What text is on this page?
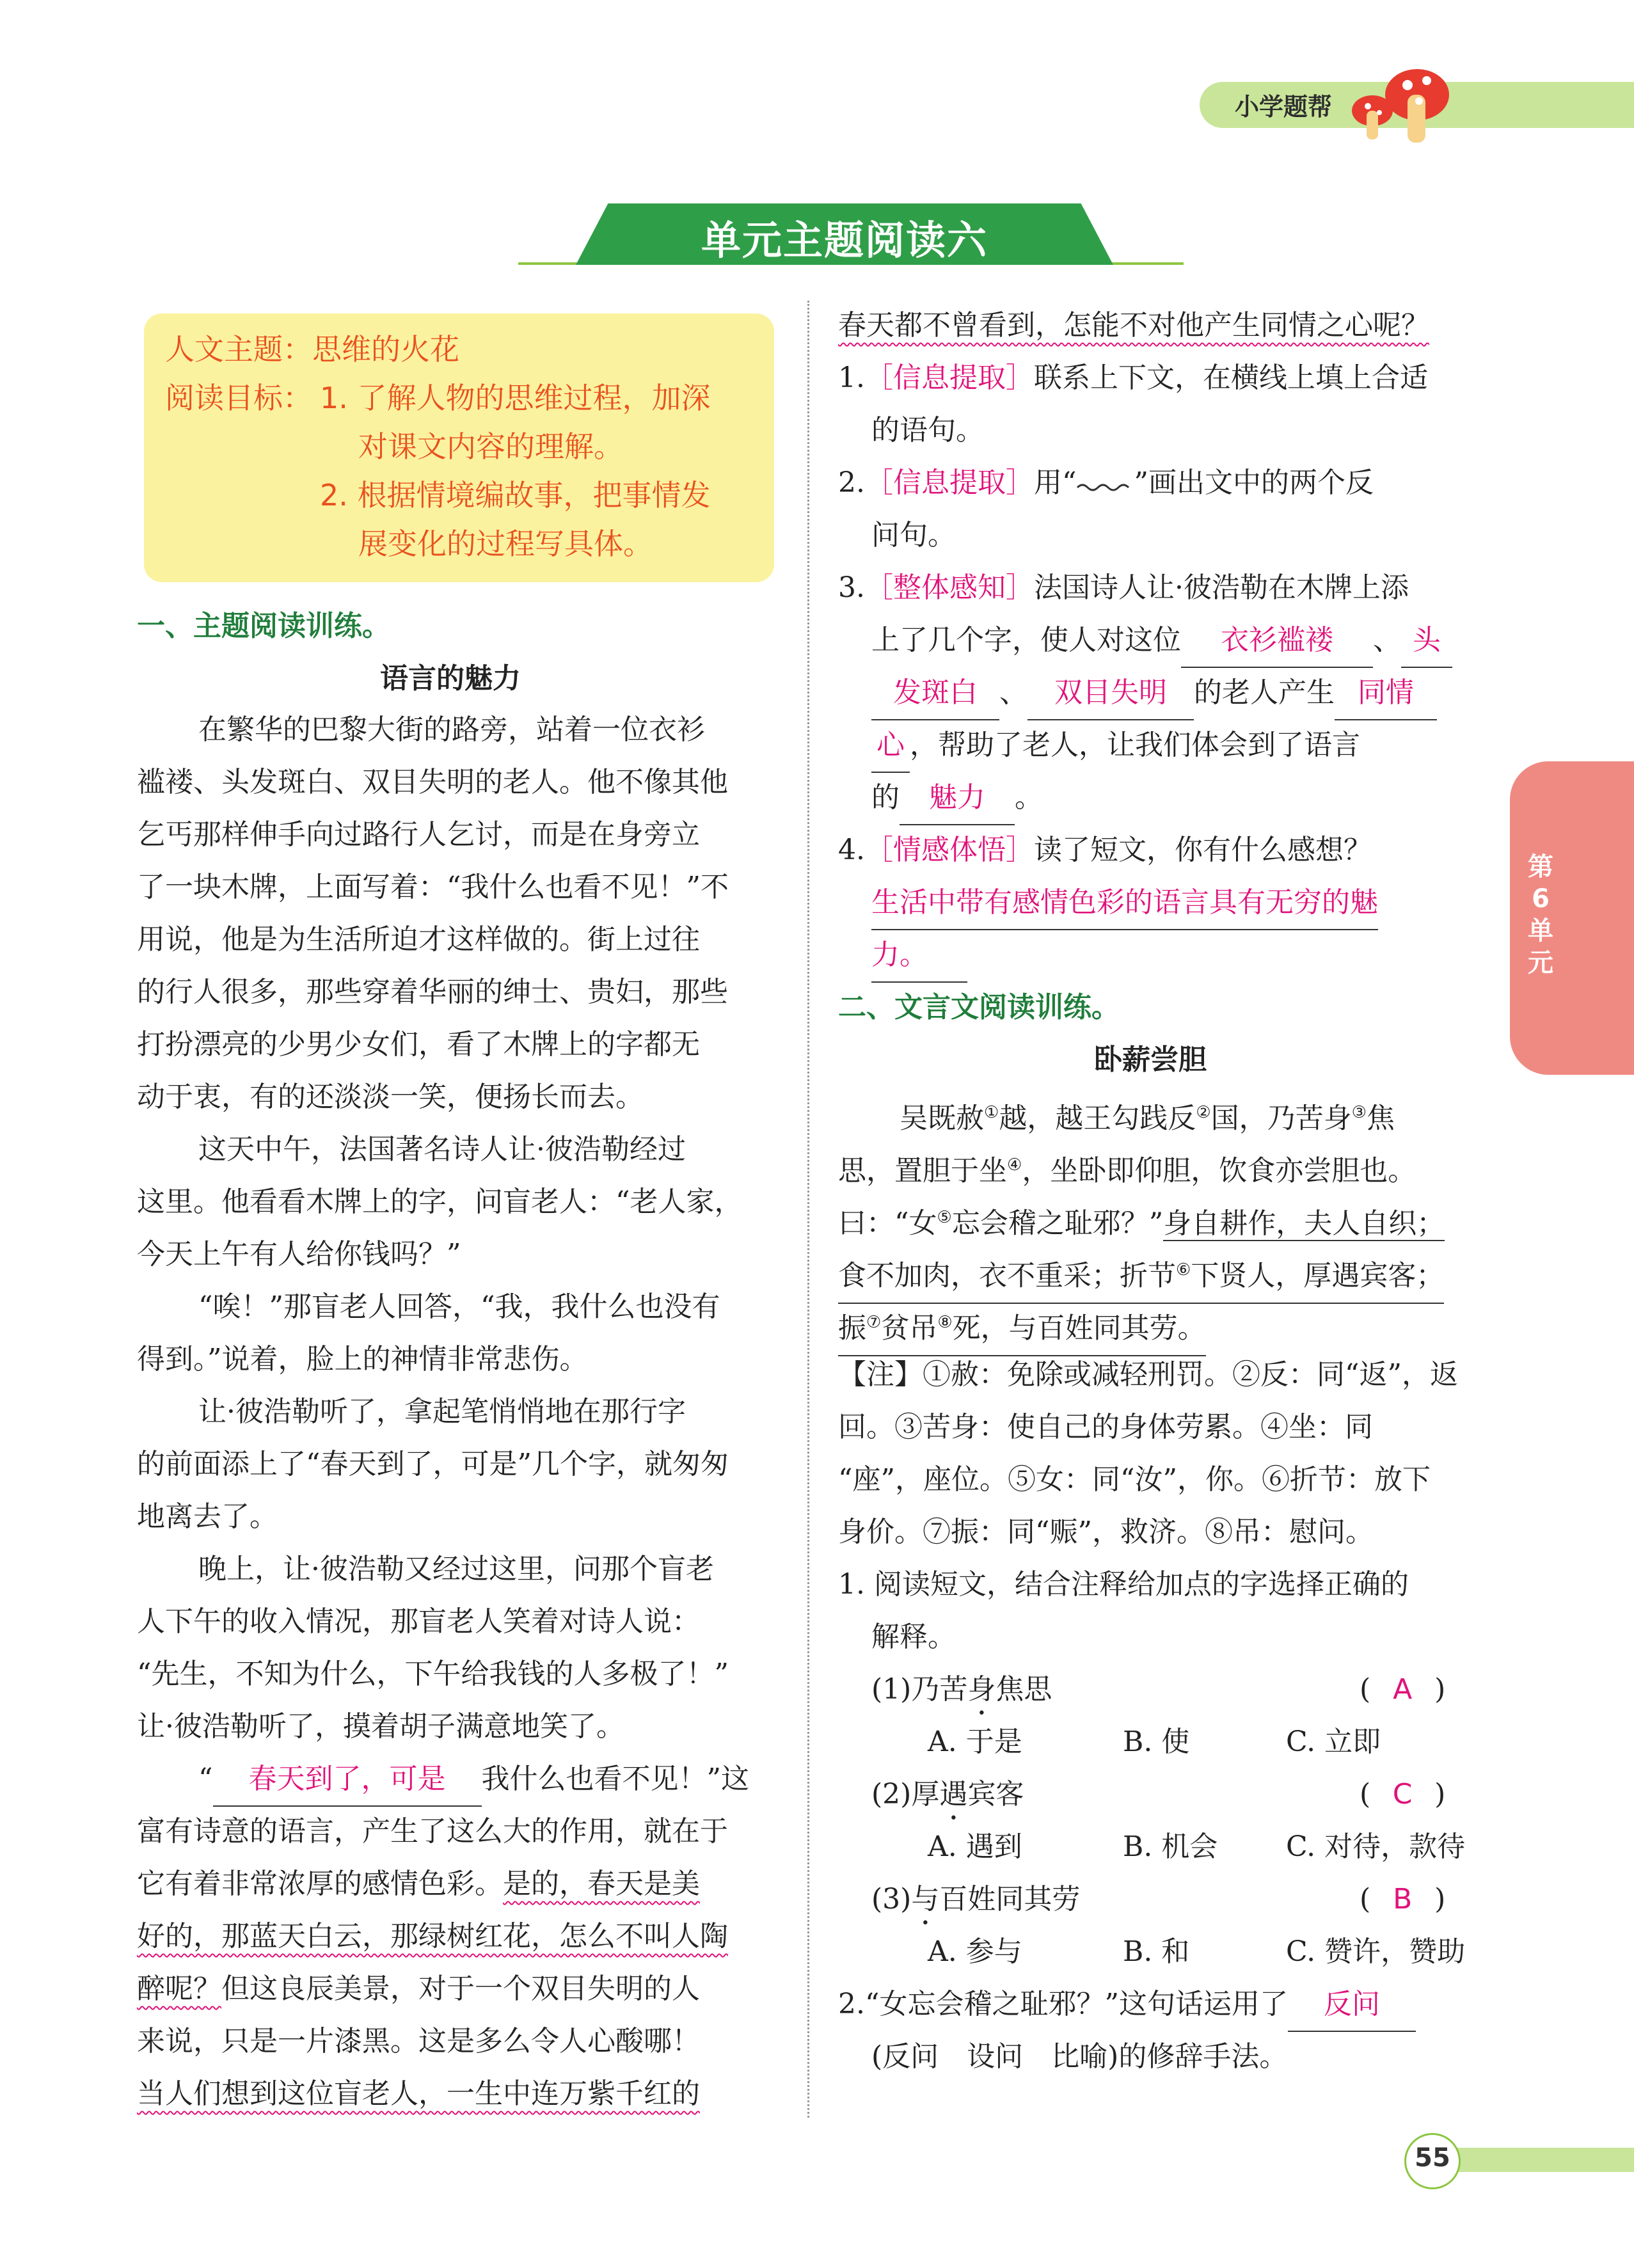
小学题帮
单元主题阅读六
人文主题：思维的火花
阅读目标： 1. 了解人物的思维过程，加深
对课文内容的理解。
2. 根据情境编故事，把事情发
展变化的过程写具体。
一、主题阅读训练。
语言的魅力
在繁华的巴黎大街的路旁，站着一位衣衫
褴褛、头发斑白、双目失明的老人。他不像其他
乞丐那样伸手向过路行人乞讨，而是在身旁立
了一块木牌，上面写着：“我什么也看不见！”不
用说，他是为生活所迫才这样做的。街上过往
的行人很多，那些穿着华丽的绅士、贵妇，那些
打扮漂亮的少男少女们，看了木牌上的字都无
动于衷，有的还淡淡一笑，便扬长而去。
这天中午，法国著名诗人让·彼浩勒经过
这里。他看看木牌上的字，问盲老人：“老人家，
今天上午有人给你钱吗？”
“唉！”那盲老人回答，“我，我什么也没有
得到。”说着，脸上的神情非常悲伤。
让·彼浩勒听了，拿起笔悄悄地在那行字
的前面添上了“春天到了，可是”几个字，就匆匆
地离去了。
晚上，让·彼浩勒又经过这里，问那个盲老
人下午的收入情况，那盲老人笑着对诗人说：
“先生，不知为什么，下午给我钱的人多极了！”
让·彼浩勒听了，摸着胡子满意地笑了。
“ 春天到了，可是 我什么也看不见！”这
富有诗意的语言，产生了这么大的作用，就在于
它有着非常浓厚的感情色彩。是的，春天是美
好的，那蓝天白云，那绿树红花，怎么不叫人陶
醉呢？但这良辰美景，对于一个双目失明的人
来说，只是一片漆黑。这是多么令人心酸哪！
当人们想到这位盲老人，一生中连万紫千红的
春天都不曾看到，怎能不对他产生同情之心呢？
1.［信息提取］联系上下文，在横线上填上合适
的语句。
2.［信息提取］用“ ”画出文中的两个反
问句。
3.［整体感知］法国诗人让·彼浩勒在木牌上添
上了几个字，使人对这位 衣衫褴褛 、 头
发斑白 、 双目失明 的老人产生 同情
心 ，帮助了老人，让我们体会到了语言
的 魅力 。
4.［情感体悟］读了短文，你有什么感想？
生活中带有感情色彩的语言具有无穷的魅
力。
二、文言文阅读训练。
卧薪尝胆
吴既赦①越，越王勾践反②国，乃苦身③焦
思，置胆于坐④，坐卧即仰胆，饮食亦尝胆也。
曰：“女⑤忘会稽之耻邪？”身自耕作，夫人自织；
食不加肉，衣不重采；折节⑥下贤人，厚遇宾客；
振⑦贫吊⑧死，与百姓同其劳。
【注】①赦：免除或减轻刑罚。②反：同“返”，返
回。③苦身：使自己的身体劳累。④坐：同
“座”，座位。⑤女：同“汝”，你。⑥折节：放下
身价。⑦振：同“赈”，救济。⑧吊：慰问。
1. 阅读短文，结合注释给加点的字选择正确的
解释。
(1)乃苦身焦思	( A )
A. 于是	B. 使	C. 立即
(2)厚遇宾客	( C )
A. 遇到	B. 机会 C. 对待，款待
(3)与百姓同其劳	( B )
A. 参与	B. 和	C. 赞许，赞助
2.“女忘会稽之耻邪？”这句话运用了 反问
(反问　设问　比喻)的修辞手法。
第6单元
55
